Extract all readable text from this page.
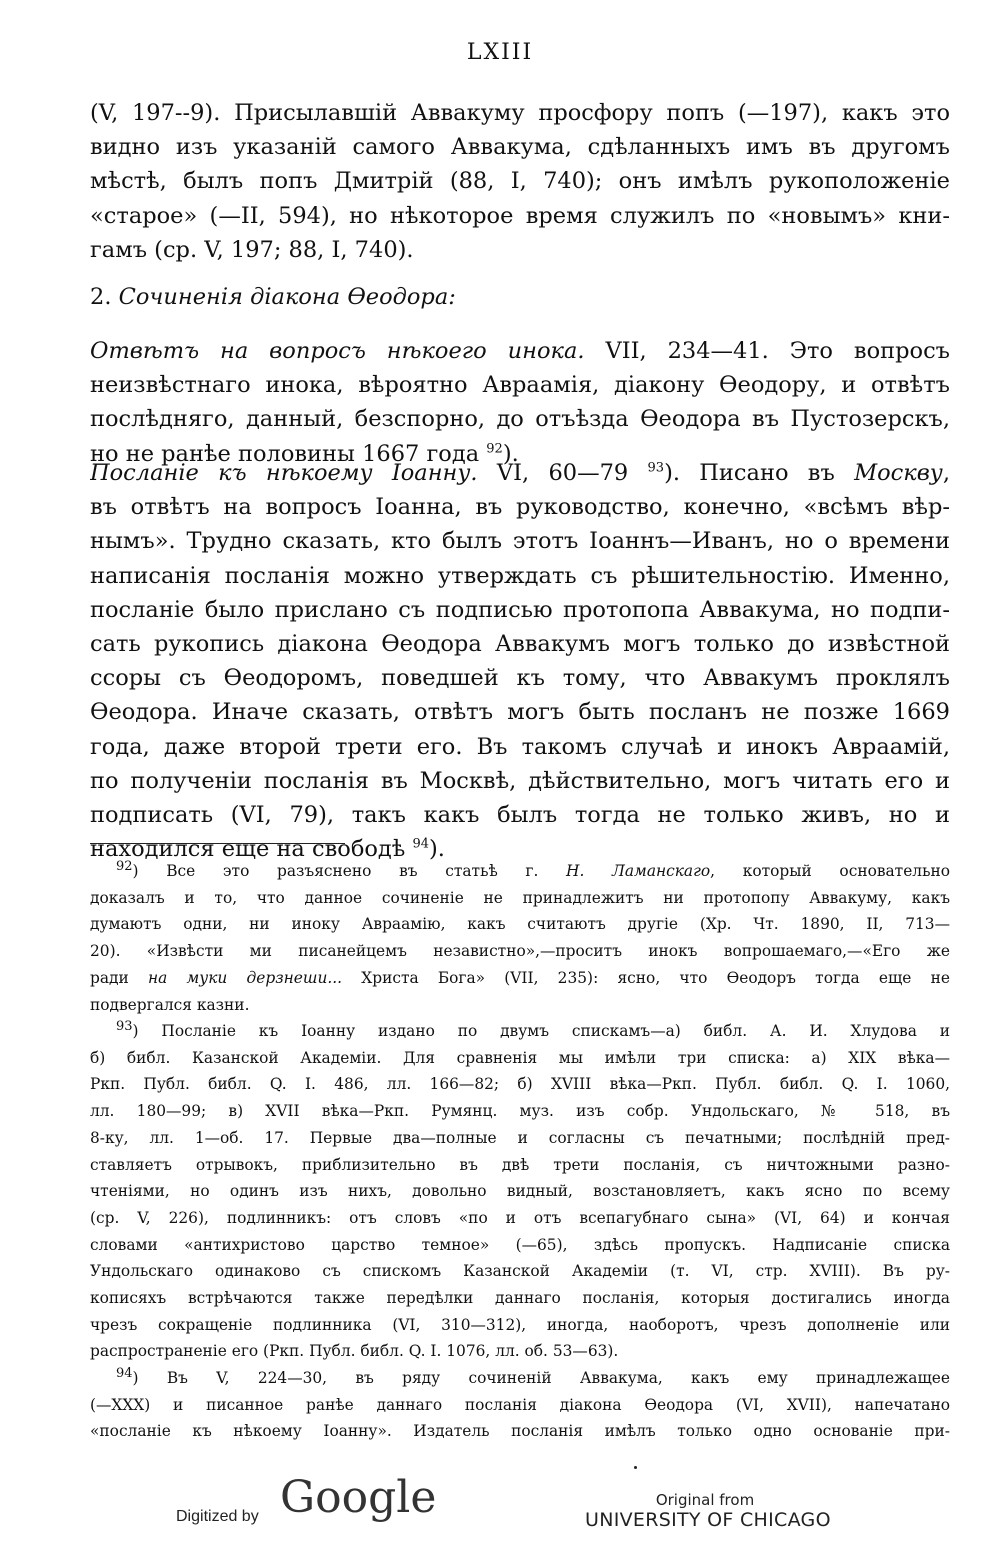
LXIII

(V, 197--9). Присылавшій Аввакуму просфору попъ (—197), какъ это
видно изъ указаній самого Аввакума, сдѣланныхъ имъ въ другомъ
мѣстѣ, былъ попъ Дмитрій (88, I, 740); онъ имѣлъ рукоположеніе
«старое» (—II, 594), но нѣкоторое время служилъ по «новымъ» кни-
гамъ (ср. V, 197; 88, I, 740).

2. Сочиненія діакона Өеодора:

Отвѣтъ на вопросъ нѣкоего инока. VII, 234—41. Это вопросъ
неизвѣстнаго инока, вѣроятно Авраамія, діакону Өеодору, и отвѣтъ
послѣдняго, данный, безспорно, до отъѣзда Өеодора въ Пустозерскъ,
но не ранѣе половины 1667 года $^{92}$).

Посланіе къ нѣкоему Іоанну. VI, 60—79 $^{93}$). Писано въ Москву,
въ отвѣтъ на вопросъ Іоанна, въ руководство, конечно, «всѣмъ вѣр-
нымъ». Трудно сказать, кто былъ этотъ Іоаннъ—Иванъ, но о времени
написанія посланія можно утверждать съ рѣшительностію. Именно,
посланіе было прислано съ подписью протопопа Аввакума, но подпи-
сать рукопись діакона Өеодора Аввакумъ могъ только до извѣстной
ссоры съ Өеодоромъ, поведшей къ тому, что Аввакумъ проклялъ
Өеодора. Иначе сказать, отвѣтъ могъ быть посланъ не позже 1669
года, даже второй трети его. Въ такомъ случаѣ и инокъ Авраамій,
по полученіи посланія въ Москвѣ, дѣйствительно, могъ читать его и
подписать (VI, 79), такъ какъ былъ тогда не только живъ, но и
находился еще на свободѣ $^{94}$).

$^{92}$) Все это разъяснено въ статьѣ г. Н. Ламанскаго, который основательно
доказалъ и то, что данное сочиненіе не принадлежитъ ни протопопу Аввакуму, какъ
думаютъ одни, ни иноку Авраамію, какъ считаютъ другіе (Хр. Чт. 1890, II, 713—
20). «Извѣсти ми писанейцемъ независтно»,—проситъ инокъ вопрошаемаго,—«Его же
ради на муки дерзнеши... Христа Бога» (VII, 235): ясно, что Өеодоръ тогда еще не
подвергался казни.
$^{93}$) Посланіе къ Іоанну издано по двумъ спискамъ—а) библ. А. И. Хлудова и
б) библ. Казанской Академіи. Для сравненія мы имѣли три списка: а) XIX вѣка—
Ркп. Публ. библ. Q. I. 486, лл. 166—82; б) XVIII вѣка—Ркп. Публ. библ. Q. I. 1060,
лл. 180—99; в) XVII вѣка—Ркп. Румянц. муз. изъ собр. Ундольскаго, № 518, въ
8-ку, лл. 1—об. 17. Первые два—полные и согласны съ печатными; послѣдній пред-
ставляетъ отрывокъ, приблизительно въ двѣ трети посланія, съ ничтожными разно-
чтеніями, но одинъ изъ нихъ, довольно видный, возстановляетъ, какъ ясно по всему
(ср. V, 226), подлинникъ: отъ словъ «по и отъ всепагубнаго сына» (VI, 64) и кончая
словами «антихристово царство темное» (—65), здѣсь пропускъ. Надписаніе списка
Ундольскаго одинаково съ спискомъ Казанской Академіи (т. VI, стр. XVIII). Въ ру-
кописяхъ встрѣчаются также передѣлки даннаго посланія, которыя достигались иногда
чрезъ сокращеніе подлинника (VI, 310—312), иногда, наоборотъ, чрезъ дополненіе или
распространеніе его (Ркп. Публ. библ. Q. I. 1076, лл. об. 53—63).
$^{94}$) Въ V, 224—30, въ ряду сочиненій Аввакума, какъ ему принадлежащее
(—XXX) и писанное ранѣе даннаго посланія діакона Өеодора (VI, XVII), напечатано
«посланіе къ нѣкоему Іоанну». Издатель посланія имѣлъ только одно основаніе при-
Digitized by Google	Original from
UNIVERSITY OF CHICAGO
